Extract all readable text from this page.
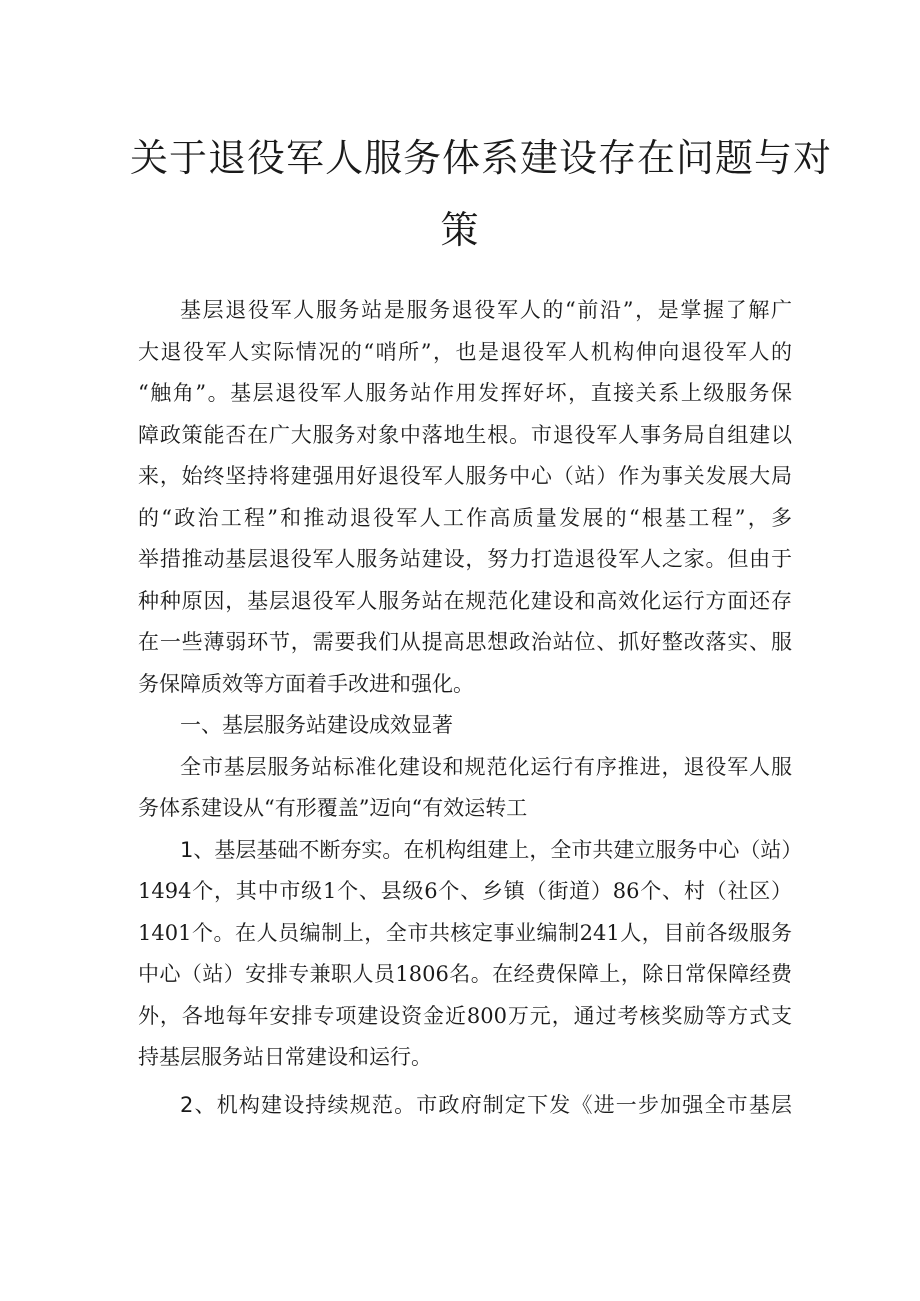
关于退役军人服务体系建设存在问题与对
策
基层退役军人服务站是服务退役军人的“前沿”，是掌握了解广
大退役军人实际情况的“哨所”，也是退役军人机构伸向退役军人的
“触角”。基层退役军人服务站作用发挥好坏，直接关系上级服务保
障政策能否在广大服务对象中落地生根。市退役军人事务局自组建以
来，始终坚持将建强用好退役军人服务中心（站）作为事关发展大局
的“政治工程”和推动退役军人工作高质量发展的“根基工程”，多
举措推动基层退役军人服务站建设，努力打造退役军人之家。但由于
种种原因，基层退役军人服务站在规范化建设和高效化运行方面还存
在一些薄弱环节，需要我们从提高思想政治站位、抓好整改落实、服
务保障质效等方面着手改进和强化。
一、基层服务站建设成效显著
全市基层服务站标准化建设和规范化运行有序推进，退役军人服
务体系建设从“有形覆盖”迈向“有效运转工
1、基层基础不断夯实。在机构组建上，全市共建立服务中心（站）
1494个，其中市级1个、县级6个、乡镇（街道）86个、村（社区）
1401个。在人员编制上，全市共核定事业编制241人，目前各级服务
中心（站）安排专兼职人员1806名。在经费保障上，除日常保障经费
外，各地每年安排专项建设资金近800万元，通过考核奖励等方式支
持基层服务站日常建设和运行。
2、机构建设持续规范。市政府制定下发《进一步加强全市基层
